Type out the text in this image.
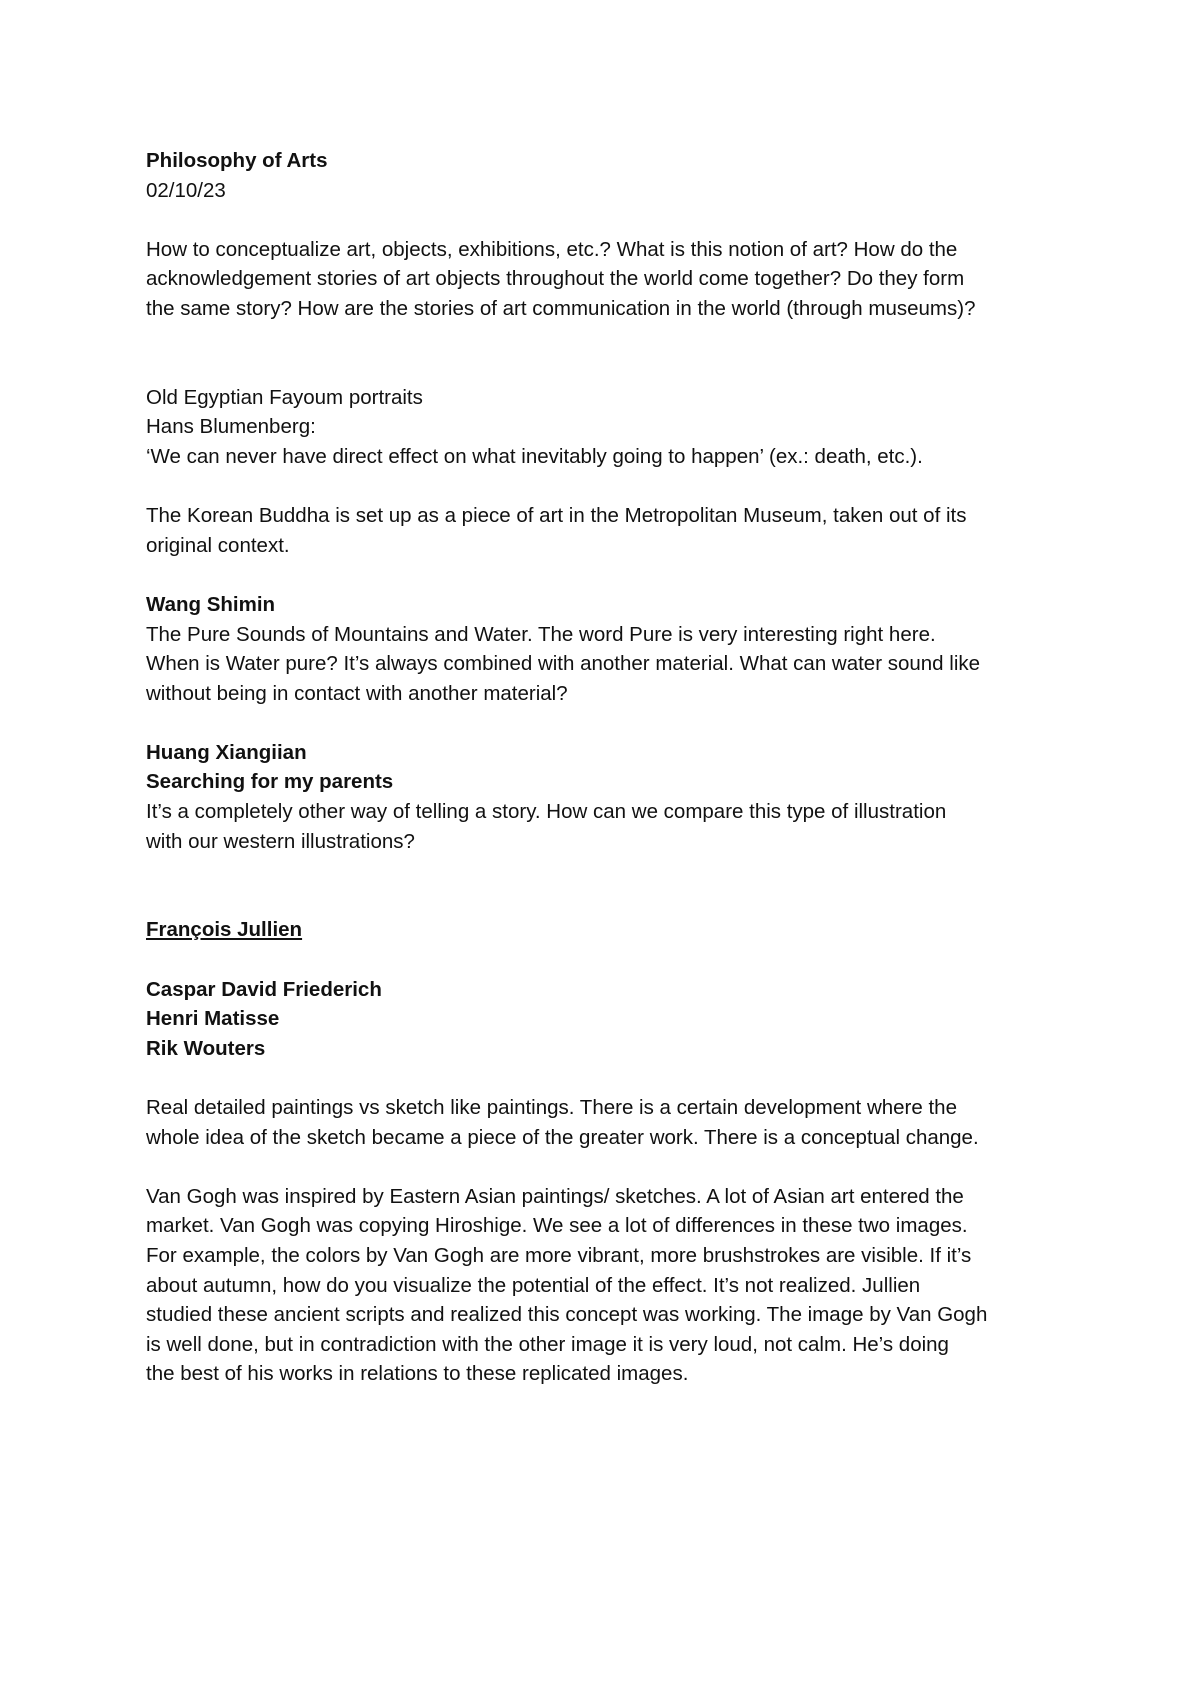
Philosophy of Arts
02/10/23
How to conceptualize art, objects, exhibitions, etc.? What is this notion of art? How do the
acknowledgement stories of art objects throughout the world come together? Do they form
the same story? How are the stories of art communication in the world (through museums)?
Old Egyptian Fayoum portraits
Hans Blumenberg:
‘We can never have direct effect on what inevitably going to happen’ (ex.: death, etc.).
The Korean Buddha is set up as a piece of art in the Metropolitan Museum, taken out of its
original context.
Wang Shimin
The Pure Sounds of Mountains and Water. The word Pure is very interesting right here.
When is Water pure? It’s always combined with another material. What can water sound like
without being in contact with another material?
Huang Xiangiian
Searching for my parents
It’s a completely other way of telling a story. How can we compare this type of illustration
with our western illustrations?
François Jullien
Caspar David Friederich
Henri Matisse
Rik Wouters
Real detailed paintings vs sketch like paintings. There is a certain development where the
whole idea of the sketch became a piece of the greater work. There is a conceptual change.
Van Gogh was inspired by Eastern Asian paintings/ sketches. A lot of Asian art entered the
market. Van Gogh was copying Hiroshige. We see a lot of differences in these two images.
For example, the colors by Van Gogh are more vibrant, more brushstrokes are visible. If it’s
about autumn, how do you visualize the potential of the effect. It’s not realized. Jullien
studied these ancient scripts and realized this concept was working. The image by Van Gogh
is well done, but in contradiction with the other image it is very loud, not calm. He’s doing
the best of his works in relations to these replicated images.
